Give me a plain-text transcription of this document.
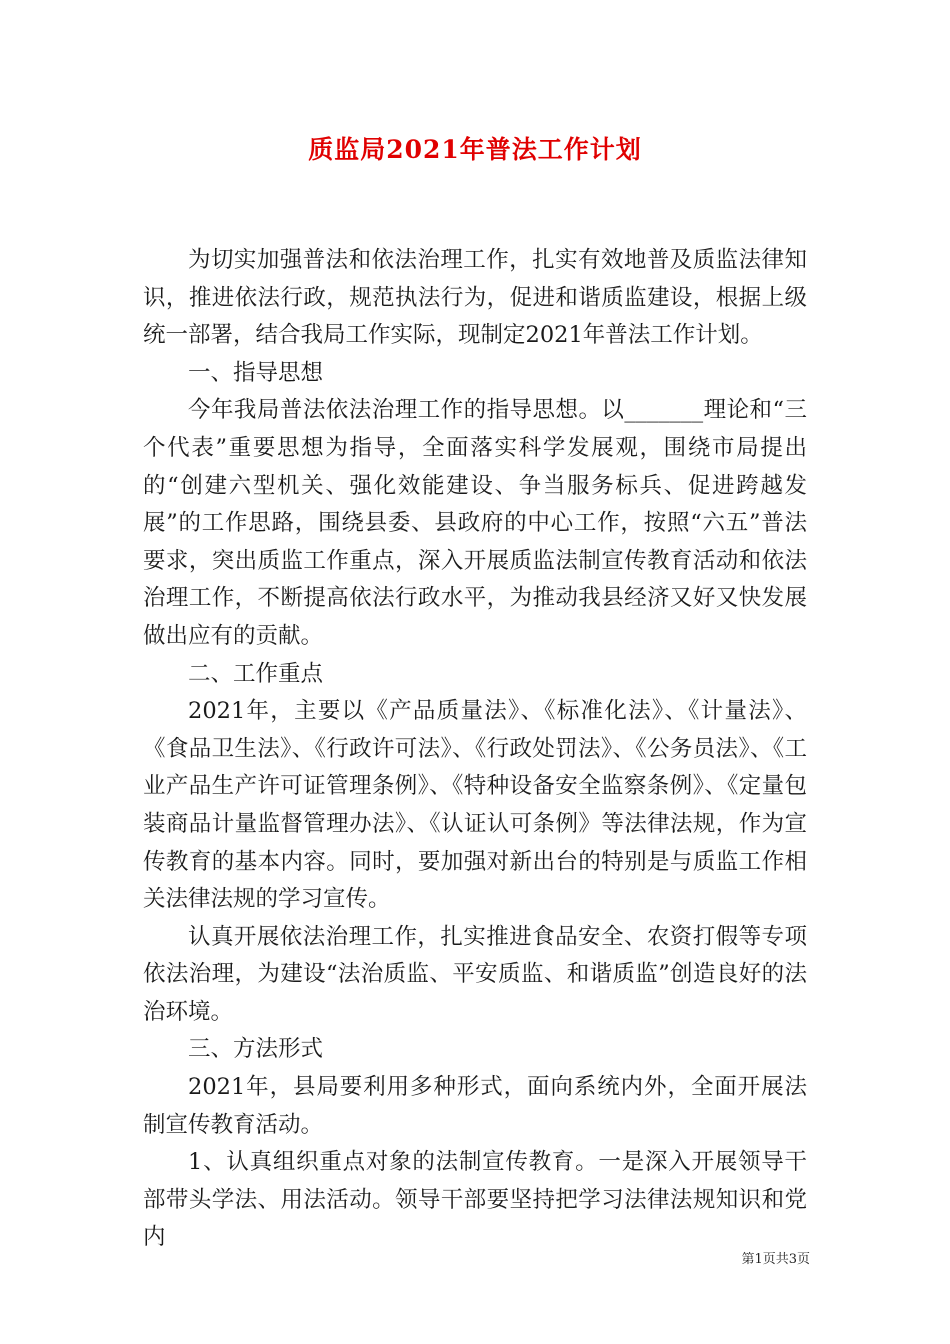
质监局2021年普法工作计划

为切实加强普法和依法治理工作，扎实有效地普及质监法律知识，推进依法行政，规范执法行为，促进和谐质监建设，根据上级统一部署，结合我局工作实际，现制定2021年普法工作计划。

一、指导思想

今年我局普法依法治理工作的指导思想。以_______理论和“三个代表”重要思想为指导，全面落实科学发展观，围绕市局提出的“创建六型机关、强化效能建设、争当服务标兵、促进跨越发展”的工作思路，围绕县委、县政府的中心工作，按照“六五”普法要求，突出质监工作重点，深入开展质监法制宣传教育活动和依法治理工作，不断提高依法行政水平，为推动我县经济又好又快发展做出应有的贡献。

二、工作重点

2021年，主要以《产品质量法》、《标准化法》、《计量法》、《食品卫生法》、《行政许可法》、《行政处罚法》、《公务员法》、《工业产品生产许可证管理条例》、《特种设备安全监察条例》、《定量包装商品计量监督管理办法》、《认证认可条例》等法律法规，作为宣传教育的基本内容。同时，要加强对新出台的特别是与质监工作相关法律法规的学习宣传。

认真开展依法治理工作，扎实推进食品安全、农资打假等专项依法治理，为建设“法治质监、平安质监、和谐质监”创造良好的法治环境。

三、方法形式

2021年，县局要利用多种形式，面向系统内外，全面开展法制宣传教育活动。

1、认真组织重点对象的法制宣传教育。一是深入开展领导干部带头学法、用法活动。领导干部要坚持把学习法律法规知识和党内

第1页共3页
